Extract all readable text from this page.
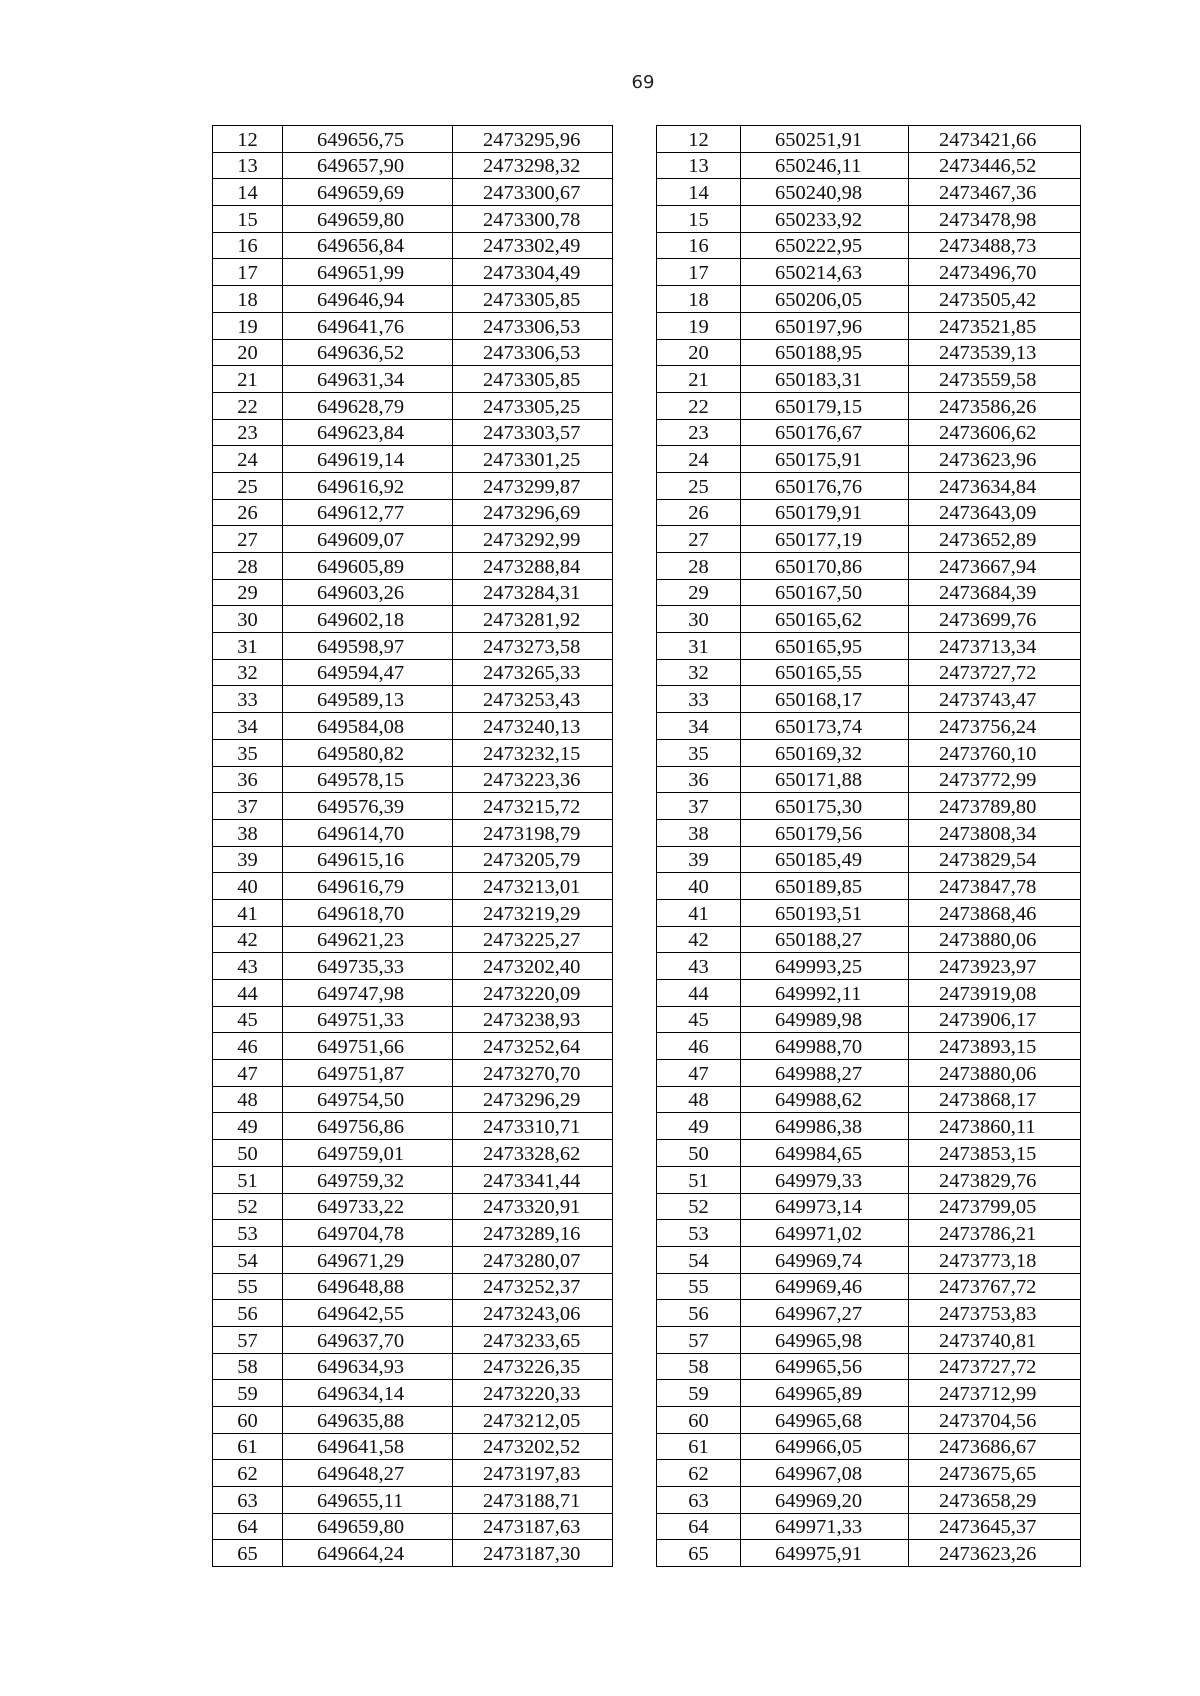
69
12	649656,75	2473295,96		12	650251,91	2473421,66
13	649657,90	2473298,32		13	650246,11	2473446,52
14	649659,69	2473300,67		14	650240,98	2473467,36
15	649659,80	2473300,78		15	650233,92	2473478,98
16	649656,84	2473302,49		16	650222,95	2473488,73
17	649651,99	2473304,49		17	650214,63	2473496,70
18	649646,94	2473305,85		18	650206,05	2473505,42
19	649641,76	2473306,53		19	650197,96	2473521,85
20	649636,52	2473306,53		20	650188,95	2473539,13
21	649631,34	2473305,85		21	650183,31	2473559,58
22	649628,79	2473305,25		22	650179,15	2473586,26
23	649623,84	2473303,57		23	650176,67	2473606,62
24	649619,14	2473301,25		24	650175,91	2473623,96
25	649616,92	2473299,87		25	650176,76	2473634,84
26	649612,77	2473296,69		26	650179,91	2473643,09
27	649609,07	2473292,99		27	650177,19	2473652,89
28	649605,89	2473288,84		28	650170,86	2473667,94
29	649603,26	2473284,31		29	650167,50	2473684,39
30	649602,18	2473281,92		30	650165,62	2473699,76
31	649598,97	2473273,58		31	650165,95	2473713,34
32	649594,47	2473265,33		32	650165,55	2473727,72
33	649589,13	2473253,43		33	650168,17	2473743,47
34	649584,08	2473240,13		34	650173,74	2473756,24
35	649580,82	2473232,15		35	650169,32	2473760,10
36	649578,15	2473223,36		36	650171,88	2473772,99
37	649576,39	2473215,72		37	650175,30	2473789,80
38	649614,70	2473198,79		38	650179,56	2473808,34
39	649615,16	2473205,79		39	650185,49	2473829,54
40	649616,79	2473213,01		40	650189,85	2473847,78
41	649618,70	2473219,29		41	650193,51	2473868,46
42	649621,23	2473225,27		42	650188,27	2473880,06
43	649735,33	2473202,40		43	649993,25	2473923,97
44	649747,98	2473220,09		44	649992,11	2473919,08
45	649751,33	2473238,93		45	649989,98	2473906,17
46	649751,66	2473252,64		46	649988,70	2473893,15
47	649751,87	2473270,70		47	649988,27	2473880,06
48	649754,50	2473296,29		48	649988,62	2473868,17
49	649756,86	2473310,71		49	649986,38	2473860,11
50	649759,01	2473328,62		50	649984,65	2473853,15
51	649759,32	2473341,44		51	649979,33	2473829,76
52	649733,22	2473320,91		52	649973,14	2473799,05
53	649704,78	2473289,16		53	649971,02	2473786,21
54	649671,29	2473280,07		54	649969,74	2473773,18
55	649648,88	2473252,37		55	649969,46	2473767,72
56	649642,55	2473243,06		56	649967,27	2473753,83
57	649637,70	2473233,65		57	649965,98	2473740,81
58	649634,93	2473226,35		58	649965,56	2473727,72
59	649634,14	2473220,33		59	649965,89	2473712,99
60	649635,88	2473212,05		60	649965,68	2473704,56
61	649641,58	2473202,52		61	649966,05	2473686,67
62	649648,27	2473197,83		62	649967,08	2473675,65
63	649655,11	2473188,71		63	649969,20	2473658,29
64	649659,80	2473187,63		64	649971,33	2473645,37
65	649664,24	2473187,30		65	649975,91	2473623,26
